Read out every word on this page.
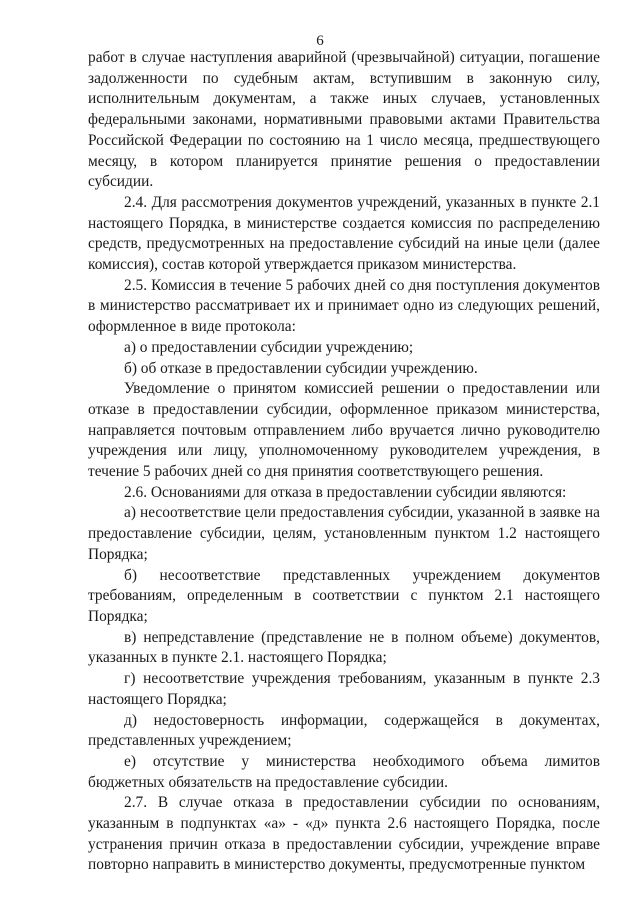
6

работ в случае наступления аварийной (чрезвычайной) ситуации, погашение задолженности по судебным актам, вступившим в законную силу, исполнительным документам, а также иных случаев, установленных федеральными законами, нормативными правовыми актами Правительства Российской Федерации по состоянию на 1 число месяца, предшествующего месяцу, в котором планируется принятие решения о предоставлении субсидии.

2.4. Для рассмотрения документов учреждений, указанных в пункте 2.1 настоящего Порядка, в министерстве создается комиссия по распределению средств, предусмотренных на предоставление субсидий на иные цели (далее комиссия), состав которой утверждается приказом министерства.

2.5. Комиссия в течение 5 рабочих дней со дня поступления документов в министерство рассматривает их и принимает одно из следующих решений, оформленное в виде протокола:

а) о предоставлении субсидии учреждению;

б) об отказе в предоставлении субсидии учреждению.

Уведомление о принятом комиссией решении о предоставлении или отказе в предоставлении субсидии, оформленное приказом министерства, направляется почтовым отправлением либо вручается лично руководителю учреждения или лицу, уполномоченному руководителем учреждения, в течение 5 рабочих дней со дня принятия соответствующего решения.

2.6. Основаниями для отказа в предоставлении субсидии являются:

а) несоответствие цели предоставления субсидии, указанной в заявке на предоставление субсидии, целям, установленным пунктом 1.2 настоящего Порядка;

б) несоответствие представленных учреждением документов требованиям, определенным в соответствии с пунктом 2.1 настоящего Порядка;

в) непредставление (представление не в полном объеме) документов, указанных в пункте 2.1. настоящего Порядка;

г) несоответствие учреждения требованиям, указанным в пункте 2.3 настоящего Порядка;

д) недостоверность информации, содержащейся в документах, представленных учреждением;

е) отсутствие у министерства необходимого объема лимитов бюджетных обязательств на предоставление субсидии.

2.7. В случае отказа в предоставлении субсидии по основаниям, указанным в подпунктах «а» - «д» пункта 2.6 настоящего Порядка, после устранения причин отказа в предоставлении субсидии, учреждение вправе повторно направить в министерство документы, предусмотренные пунктом
